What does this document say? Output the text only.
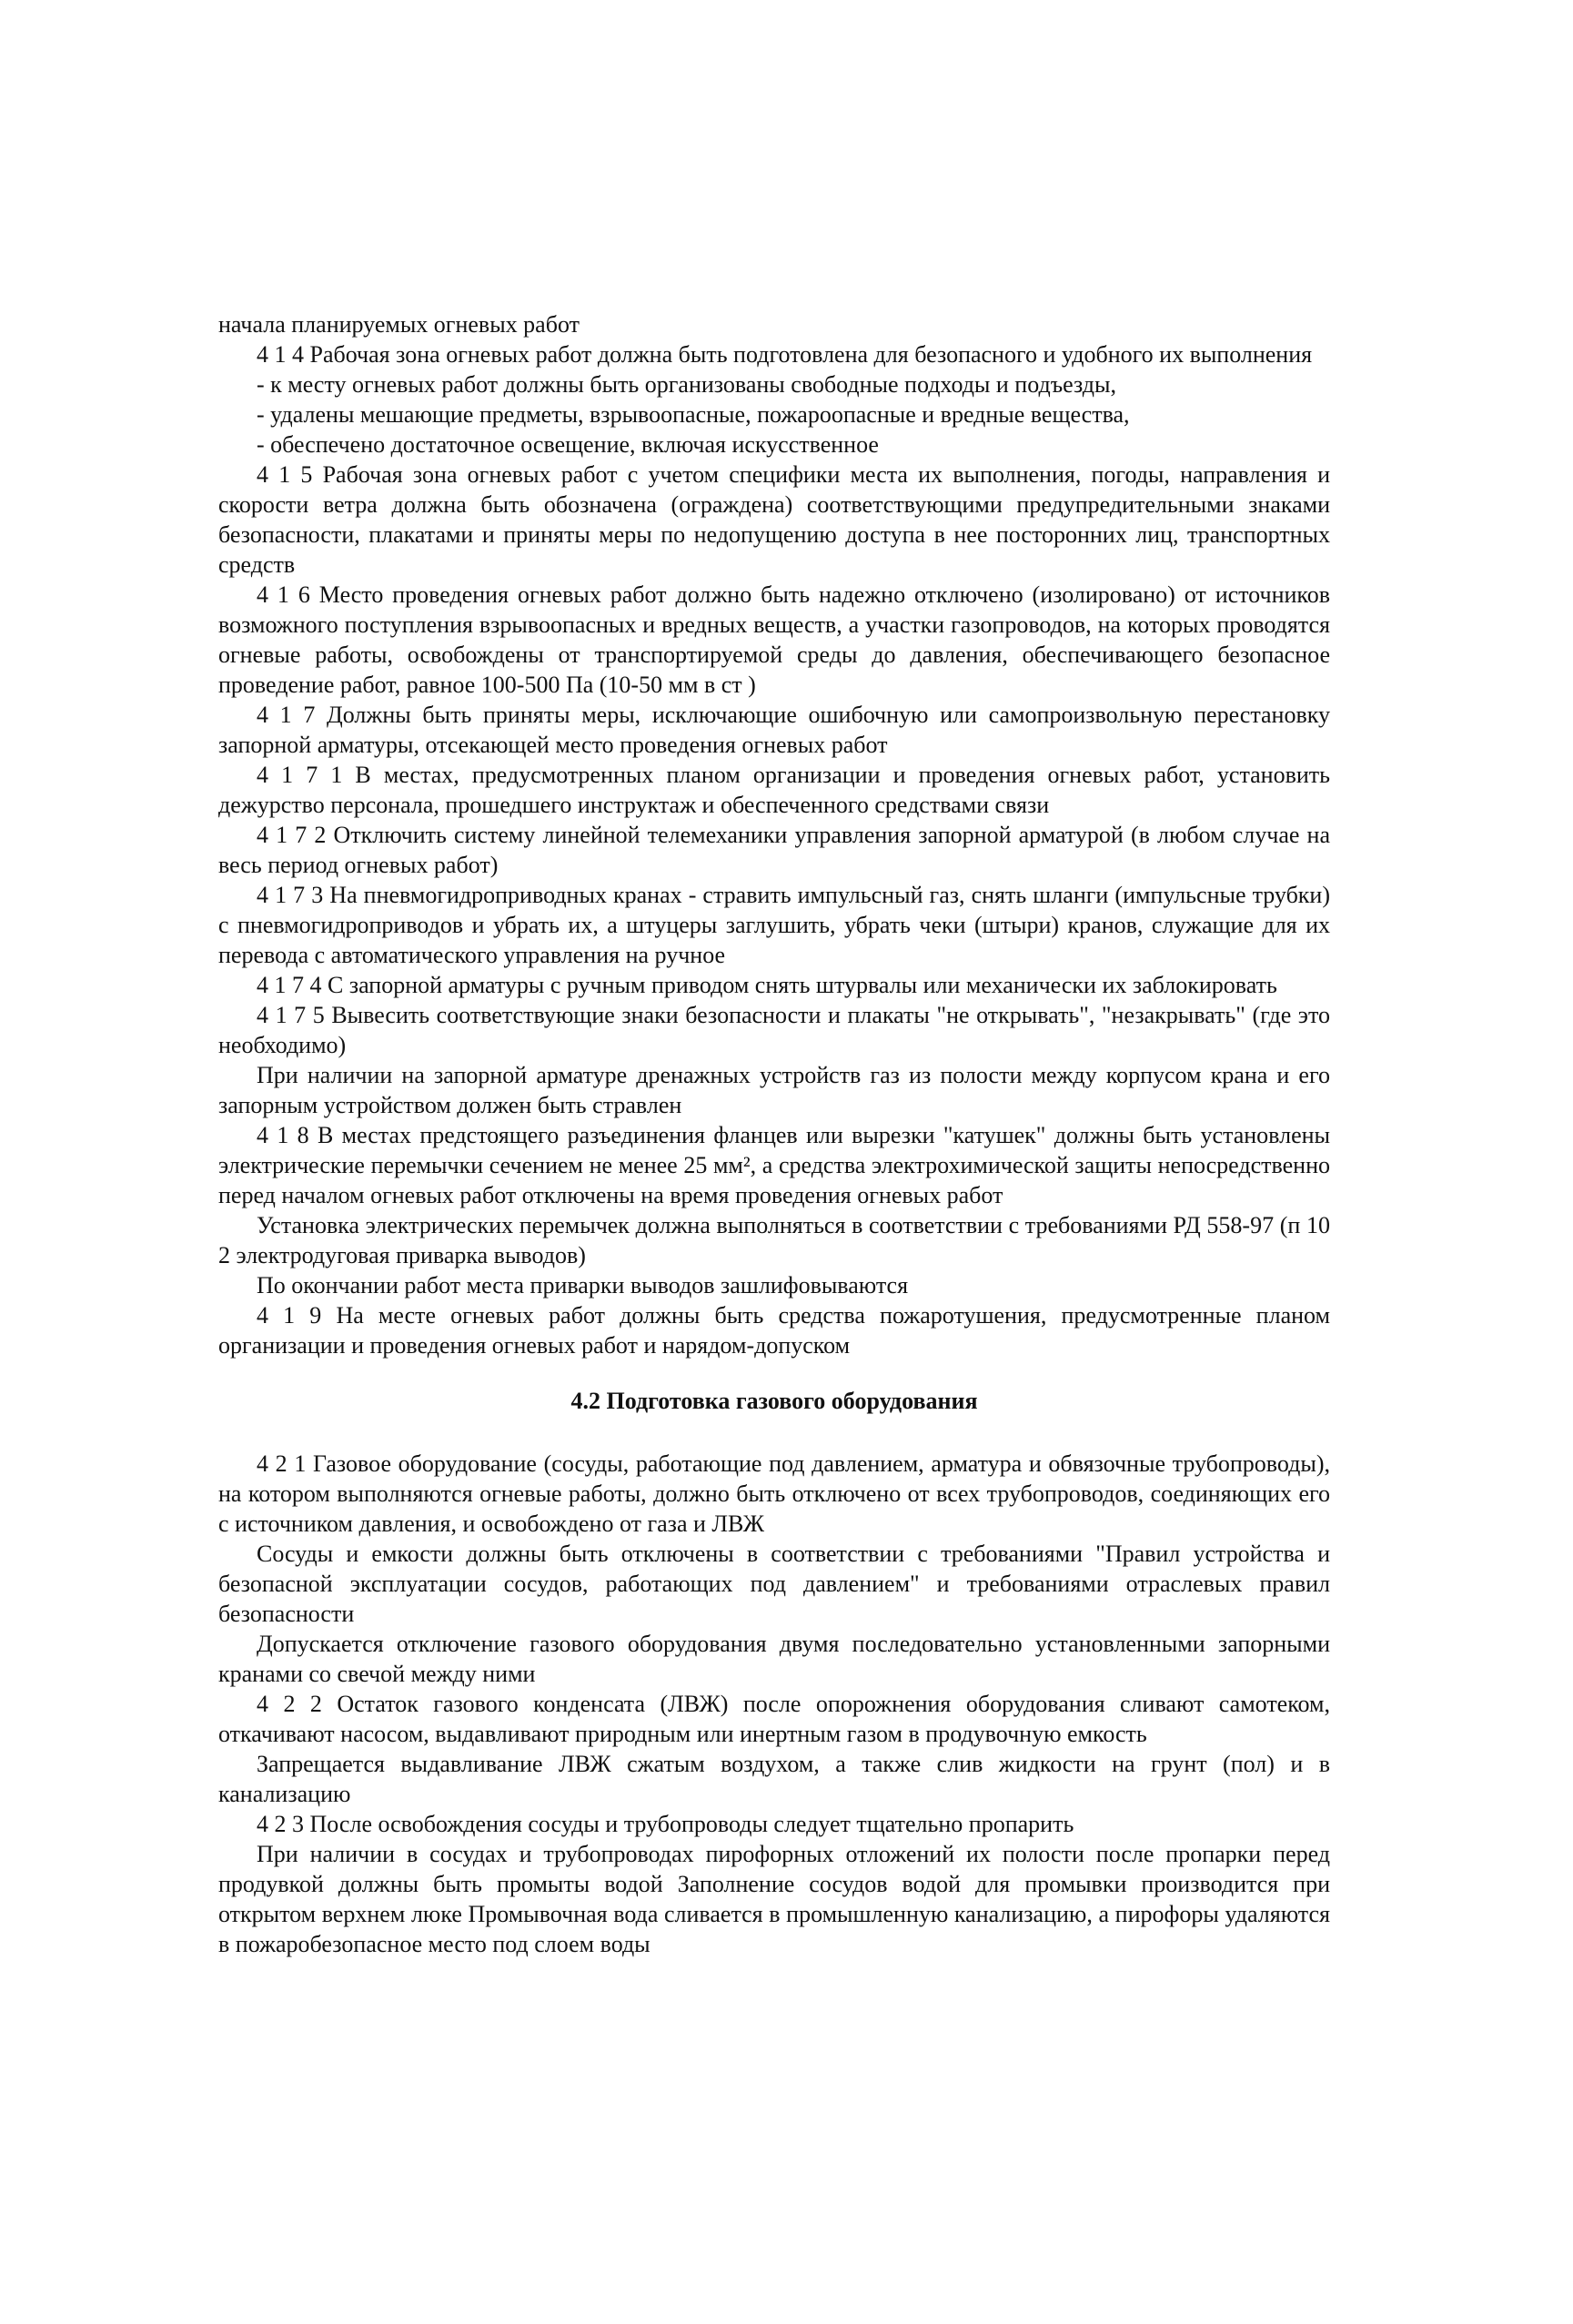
начала планируемых огневых работ

4 1 4 Рабочая зона огневых работ должна быть подготовлена для безопасного и удобного их выполнения

- к месту огневых работ должны быть организованы свободные подходы и подъезды,

- удалены мешающие предметы, взрывоопасные, пожароопасные и вредные вещества,

- обеспечено достаточное освещение, включая искусственное

4 1 5 Рабочая зона огневых работ с учетом специфики места их выполнения, погоды, направления и скорости ветра должна быть обозначена (ограждена) соответствующими предупредительными знаками безопасности, плакатами и приняты меры по недопущению доступа в нее посторонних лиц, транспортных средств

4 1 6 Место проведения огневых работ должно быть надежно отключено (изолировано) от источников возможного поступления взрывоопасных и вредных веществ, а участки газопроводов, на которых проводятся огневые работы, освобождены от транспортируемой среды до давления, обеспечивающего безопасное проведение работ, равное 100-500 Па (10-50 мм в ст )

4 1 7 Должны быть приняты меры, исключающие ошибочную или самопроизвольную перестановку запорной арматуры, отсекающей место проведения огневых работ

4 1 7 1 В местах, предусмотренных планом организации и проведения огневых работ, установить дежурство персонала, прошедшего инструктаж и обеспеченного средствами связи

4 1 7 2 Отключить систему линейной телемеханики управления запорной арматурой (в любом случае на весь период огневых работ)

4 1 7 3 На пневмогидроприводных кранах - стравить импульсный газ, снять шланги (импульсные трубки) с пневмогидроприводов и убрать их, а штуцеры заглушить, убрать чеки (штыри) кранов, служащие для их перевода с автоматического управления на ручное

4 1 7 4 С запорной арматуры с ручным приводом снять штурвалы или механически их заблокировать

4 1 7 5 Вывесить соответствующие знаки безопасности и плакаты "не открывать", "незакрывать" (где это необходимо)

При наличии на запорной арматуре дренажных устройств газ из полости между корпусом крана и его запорным устройством должен быть стравлен

4 1 8 В местах предстоящего разъединения фланцев или вырезки "катушек" должны быть установлены электрические перемычки сечением не менее 25 мм², а средства электрохимической защиты непосредственно перед началом огневых работ отключены на время проведения огневых работ

Установка электрических перемычек должна выполняться в соответствии с требованиями РД 558-97 (п 10 2 электродуговая приварка выводов)

По окончании работ места приварки выводов зашлифовываются

4 1 9 На месте огневых работ должны быть средства пожаротушения, предусмотренные планом организации и проведения огневых работ и нарядом-допуском

4.2 Подготовка газового оборудования

4 2 1 Газовое оборудование (сосуды, работающие под давлением, арматура и обвязочные трубопроводы), на котором выполняются огневые работы, должно быть отключено от всех трубопроводов, соединяющих его с источником давления, и освобождено от газа и ЛВЖ

Сосуды и емкости должны быть отключены в соответствии с требованиями "Правил устройства и безопасной эксплуатации сосудов, работающих под давлением" и требованиями отраслевых правил безопасности

Допускается отключение газового оборудования двумя последовательно установленными запорными кранами со свечой между ними

4 2 2 Остаток газового конденсата (ЛВЖ) после опорожнения оборудования сливают самотеком, откачивают насосом, выдавливают природным или инертным газом в продувочную емкость

Запрещается выдавливание ЛВЖ сжатым воздухом, а также слив жидкости на грунт (пол) и в канализацию

4 2 3 После освобождения сосуды и трубопроводы следует тщательно пропарить

При наличии в сосудах и трубопроводах пирофорных отложений их полости после пропарки перед продувкой должны быть промыты водой Заполнение сосудов водой для промывки производится при открытом верхнем люке Промывочная вода сливается в промышленную канализацию, а пирофоры удаляются в пожаробезопасное место под слоем воды
